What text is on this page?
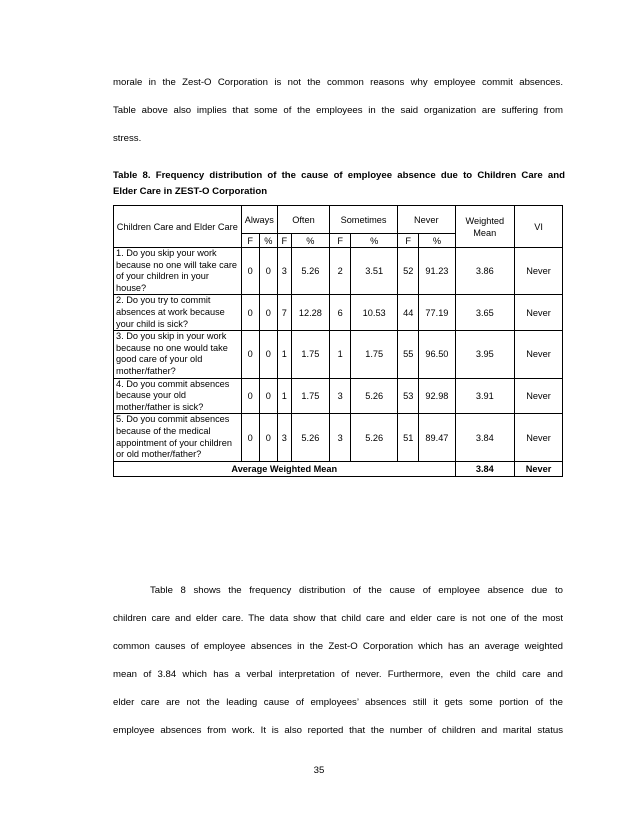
morale in the Zest-O Corporation is not the common reasons why employee commit absences.
Table above also implies that some of the employees in the said organization are suffering from
stress.
Table 8. Frequency distribution of the cause of employee absence due to Children Care and
Elder Care in ZEST-O Corporation
Children Care and Elder Care	Always		Often		Sometimes		Never		Weighted Mean	VI
	F	%	F	%	F	%	F	%		
1. Do you skip your work because no one will take care of your children in your house?	0	0	3	5.26	2	3.51	52	91.23	3.86	Never
2. Do you try to commit absences at work because your child is sick?	0	0	7	12.28	6	10.53	44	77.19	3.65	Never
3. Do you skip in your work because no one would take good care of your old mother/father?	0	0	1	1.75	1	1.75	55	96.50	3.95	Never
4. Do you commit absences because your old mother/father is sick?	0	0	1	1.75	3	5.26	53	92.98	3.91	Never
5. Do you commit absences because of the medical appointment of your children or old mother/father?	0	0	3	5.26	3	5.26	51	89.47	3.84	Never
Average Weighted Mean									3.84	Never
Table 8 shows the frequency distribution of the cause of employee absence due to
children care and elder care. The data show that child care and elder care is not one of the most
common causes of employee absences in the Zest-O Corporation which has an average weighted
mean of 3.84 which has a verbal interpretation of never. Furthermore, even the child care and
elder care are not the leading cause of employees’ absences still it gets some portion of the
employee absences from work. It is also reported that the number of children and marital status
35
